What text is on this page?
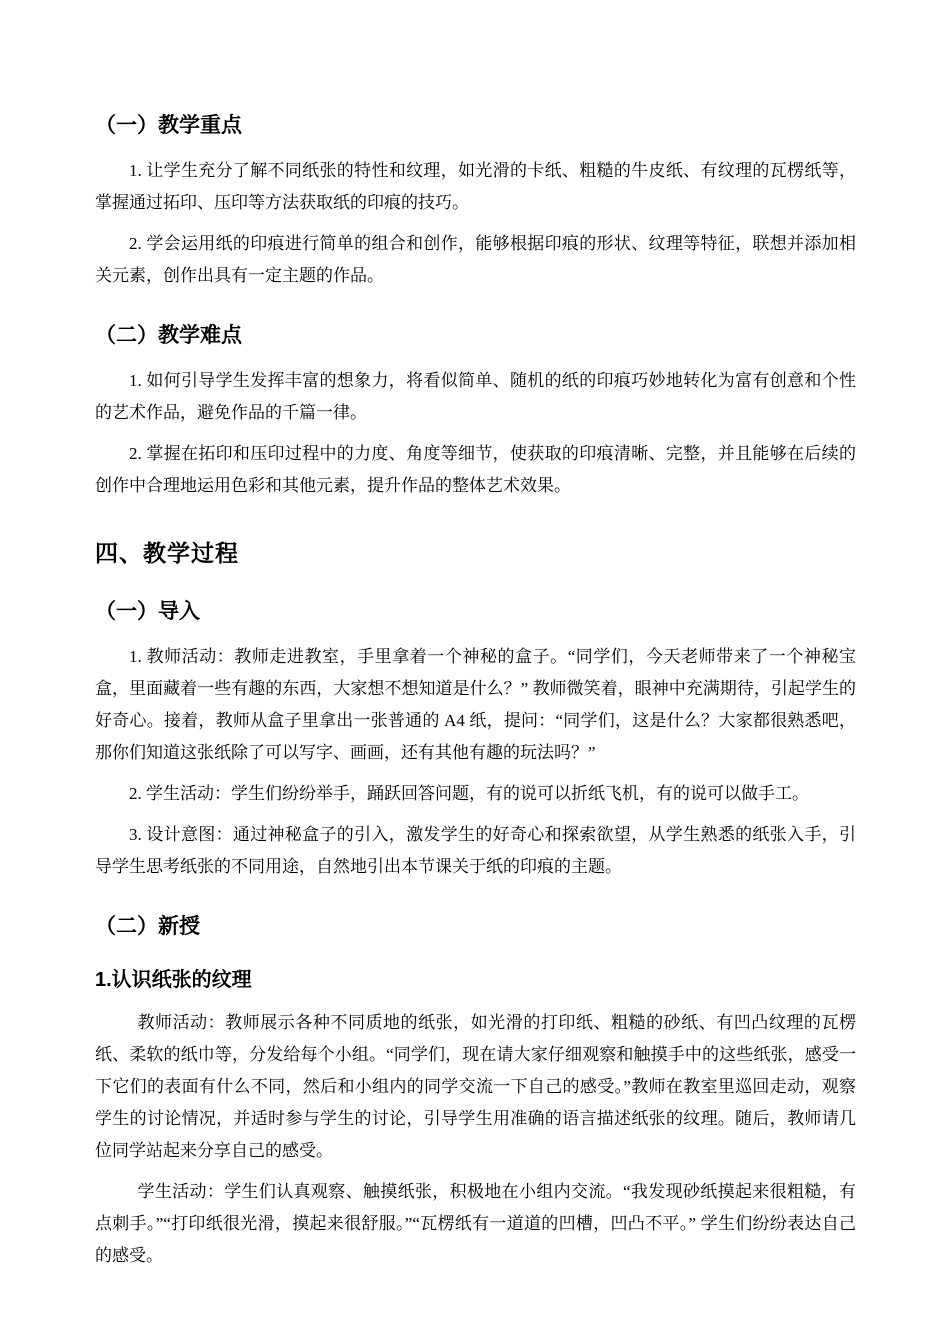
（一）教学重点

1. 让学生充分了解不同纸张的特性和纹理，如光滑的卡纸、粗糙的牛皮纸、有纹理的瓦楞纸等，掌握通过拓印、压印等方法获取纸的印痕的技巧。

2. 学会运用纸的印痕进行简单的组合和创作，能够根据印痕的形状、纹理等特征，联想并添加相关元素，创作出具有一定主题的作品。

（二）教学难点

1. 如何引导学生发挥丰富的想象力，将看似简单、随机的纸的印痕巧妙地转化为富有创意和个性的艺术作品，避免作品的千篇一律。

2. 掌握在拓印和压印过程中的力度、角度等细节，使获取的印痕清晰、完整，并且能够在后续的创作中合理地运用色彩和其他元素，提升作品的整体艺术效果。

四、教学过程
（一）导入

1. 教师活动：教师走进教室，手里拿着一个神秘的盒子。“同学们，今天老师带来了一个神秘宝盒，里面藏着一些有趣的东西，大家想不想知道是什么？” 教师微笑着，眼神中充满期待，引起学生的好奇心。接着，教师从盒子里拿出一张普通的 A4 纸，提问：“同学们，这是什么？大家都很熟悉吧，那你们知道这张纸除了可以写字、画画，还有其他有趣的玩法吗？”

2. 学生活动：学生们纷纷举手，踊跃回答问题，有的说可以折纸飞机，有的说可以做手工。

3. 设计意图：通过神秘盒子的引入，激发学生的好奇心和探索欲望，从学生熟悉的纸张入手，引导学生思考纸张的不同用途，自然地引出本节课关于纸的印痕的主题。

（二）新授
1.认识纸张的纹理

教师活动：教师展示各种不同质地的纸张，如光滑的打印纸、粗糙的砂纸、有凹凸纹理的瓦楞纸、柔软的纸巾等，分发给每个小组。“同学们，现在请大家仔细观察和触摸手中的这些纸张，感受一下它们的表面有什么不同，然后和小组内的同学交流一下自己的感受。”教师在教室里巡回走动，观察学生的讨论情况，并适时参与学生的讨论，引导学生用准确的语言描述纸张的纹理。随后，教师请几位同学站起来分享自己的感受。

学生活动：学生们认真观察、触摸纸张，积极地在小组内交流。“我发现砂纸摸起来很粗糙，有点刺手。”“打印纸很光滑，摸起来很舒服。”“瓦楞纸有一道道的凹槽，凹凸不平。” 学生们纷纷表达自己的感受。
